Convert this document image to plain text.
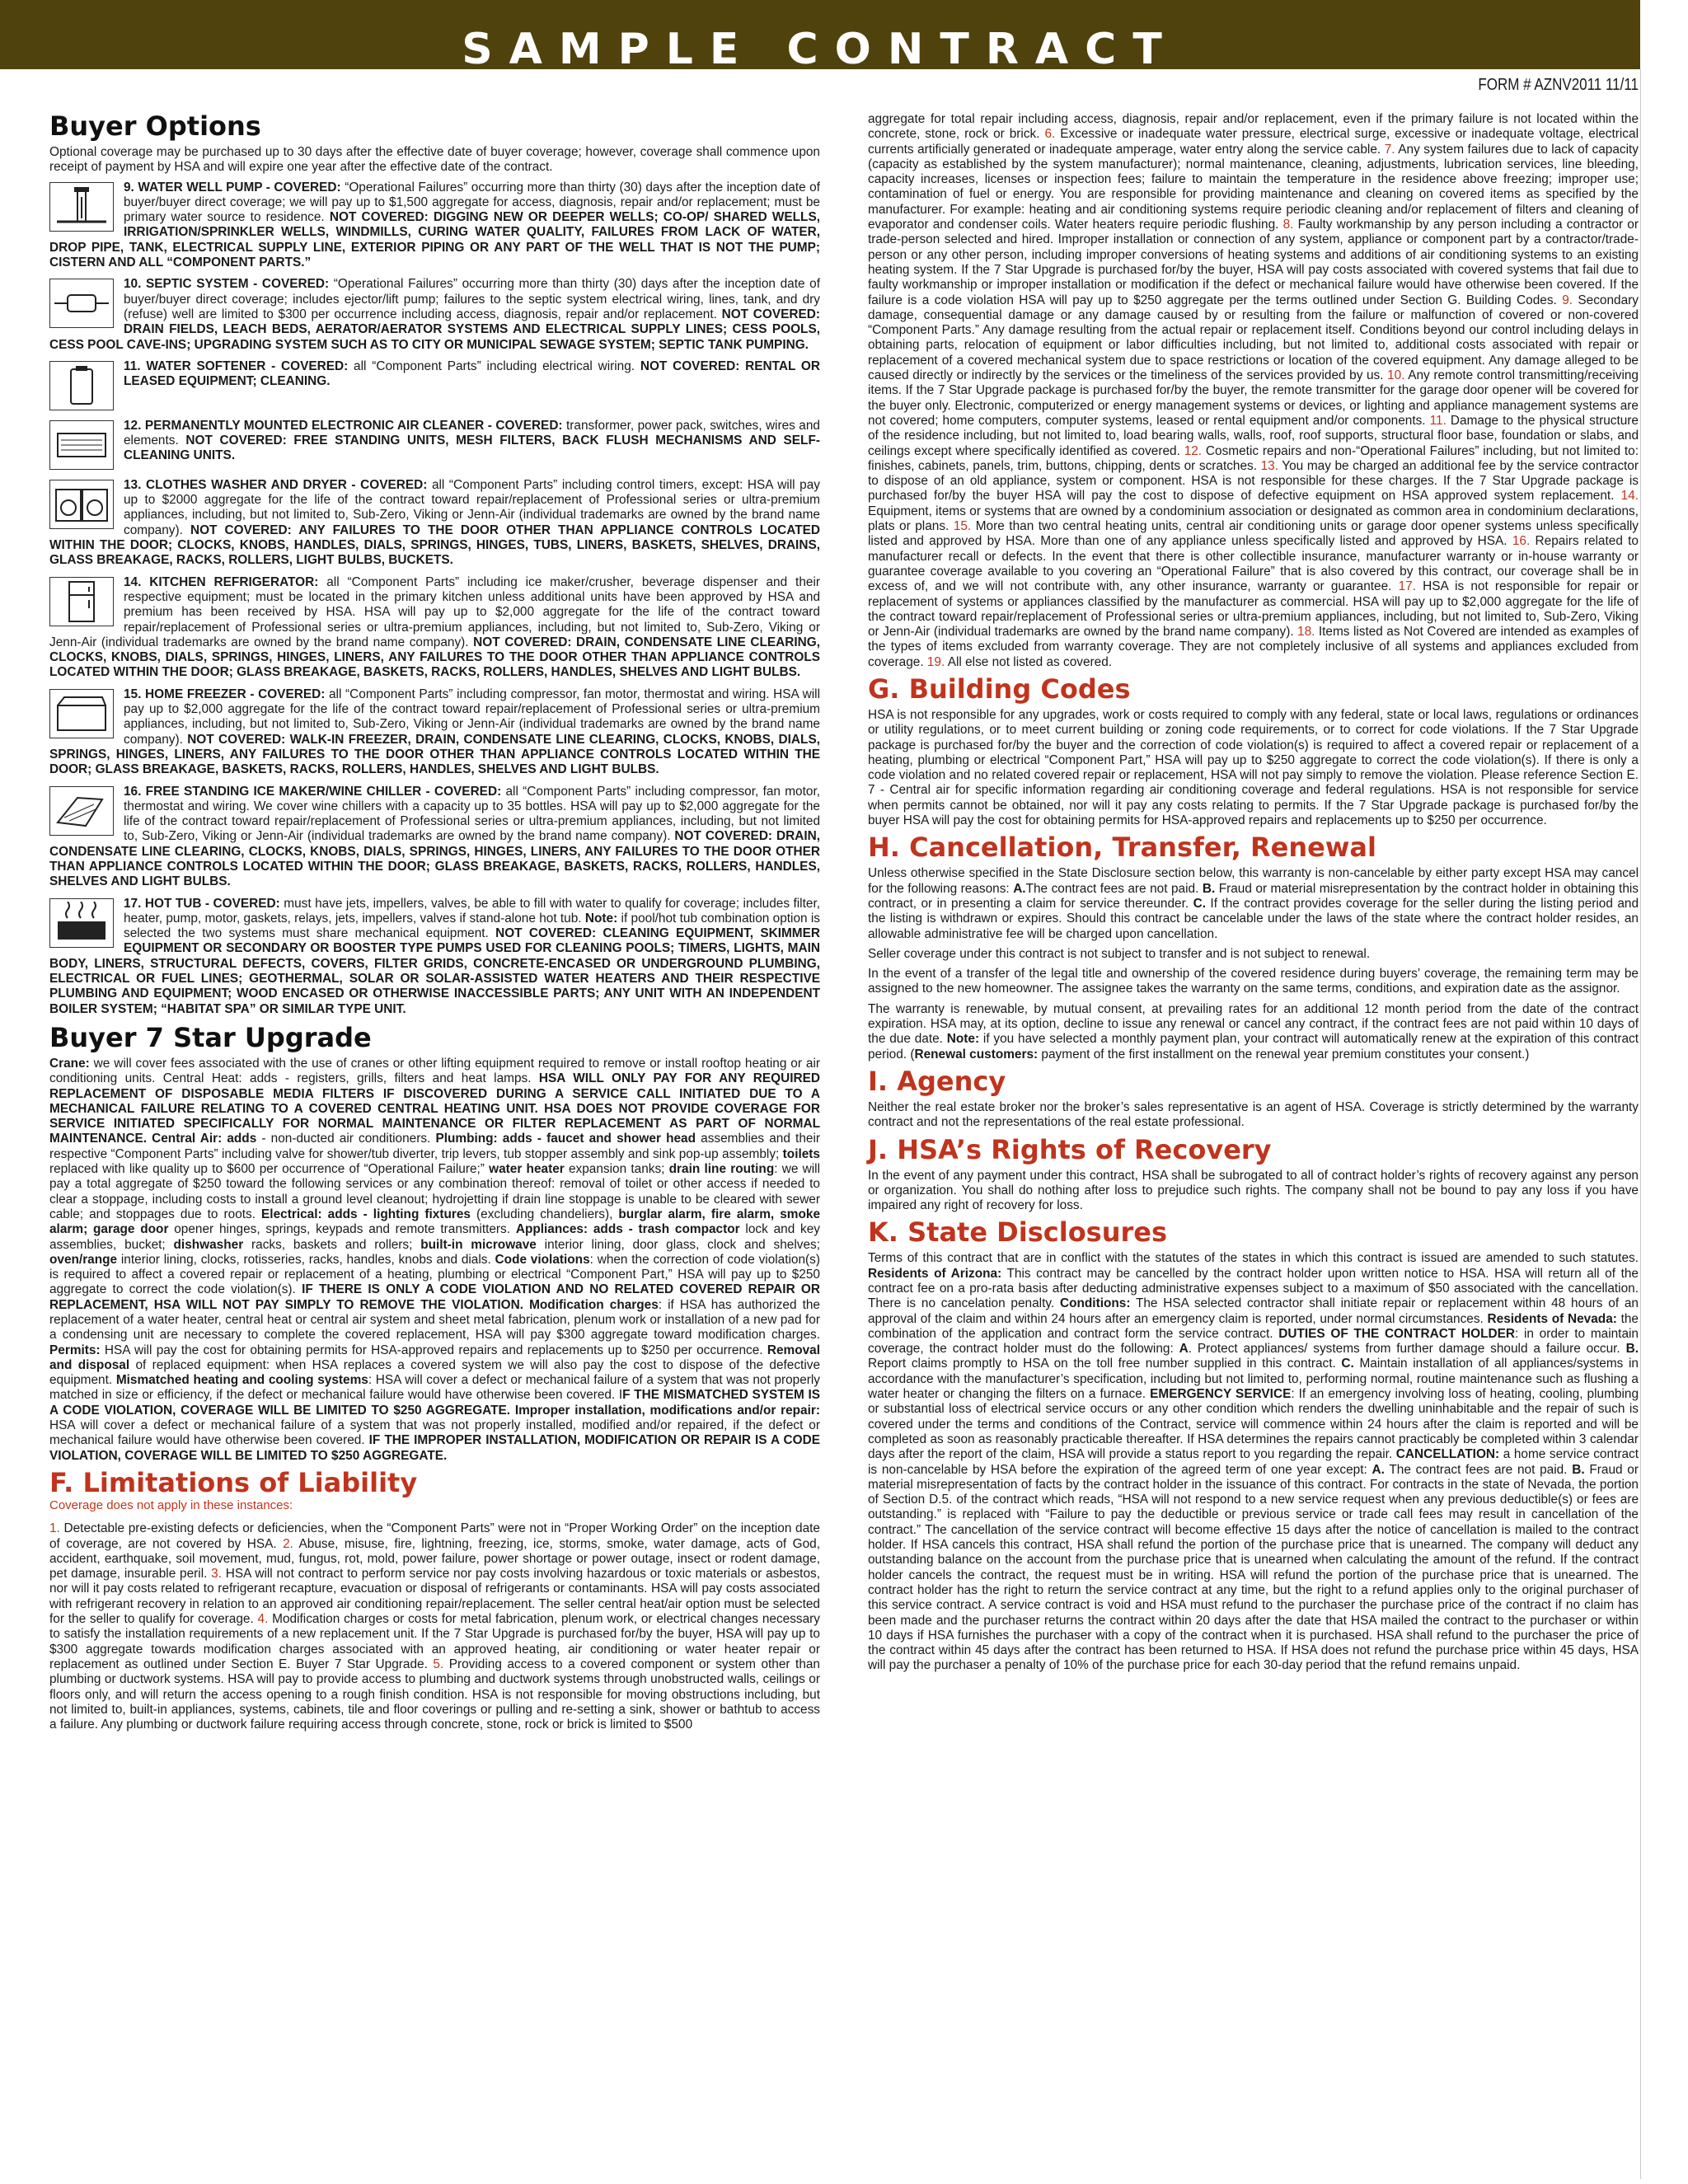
SAMPLE CONTRACT
FORM # AZNV2011 11/11
Buyer Options

Optional coverage may be purchased up to 30 days after the effective date of buyer coverage; however, coverage shall commence upon receipt of payment by HSA and will expire one year after the effective date of the contract.

9. WATER WELL PUMP - COVERED: “Operational Failures” occurring more than thirty (30) days after the inception date of buyer/buyer direct coverage; we will pay up to $1,500 aggregate for access, diagnosis, repair and/or replacement; must be primary water source to residence. NOT COVERED: DIGGING NEW OR DEEPER WELLS; CO-OP/ SHARED WELLS, IRRIGATION/SPRINKLER WELLS, WINDMILLS, CURING WATER QUALITY, FAILURES FROM LACK OF WATER, DROP PIPE, TANK, ELECTRICAL SUPPLY LINE, EXTERIOR PIPING OR ANY PART OF THE WELL THAT IS NOT THE PUMP; CISTERN AND ALL “COMPONENT PARTS.”
10. SEPTIC SYSTEM - COVERED: “Operational Failures” occurring more than thirty (30) days after the inception date of buyer/buyer direct coverage; includes ejector/lift pump; failures to the septic system electrical wiring, lines, tank, and dry (refuse) well are limited to $300 per occurrence including access, diagnosis, repair and/or replacement. NOT COVERED: DRAIN FIELDS, LEACH BEDS, AERATOR/AERATOR SYSTEMS AND ELECTRICAL SUPPLY LINES; CESS POOLS, CESS POOL CAVE-INS; UPGRADING SYSTEM SUCH AS TO CITY OR MUNICIPAL SEWAGE SYSTEM; SEPTIC TANK PUMPING.
11. WATER SOFTENER - COVERED: all “Component Parts” including electrical wiring. NOT COVERED: RENTAL OR LEASED EQUIPMENT; CLEANING.
12. PERMANENTLY MOUNTED ELECTRONIC AIR CLEANER - COVERED: transformer, power pack, switches, wires and elements. NOT COVERED: FREE STANDING UNITS, MESH FILTERS, BACK FLUSH MECHANISMS AND SELF-CLEANING UNITS.
13. CLOTHES WASHER AND DRYER - COVERED: all “Component Parts” including control timers, except: HSA will pay up to $2000 aggregate for the life of the contract toward repair/replacement of Professional series or ultra-premium appliances, including, but not limited to, Sub-Zero, Viking or Jenn-Air (individual trademarks are owned by the brand name company). NOT COVERED: ANY FAILURES TO THE DOOR OTHER THAN APPLIANCE CONTROLS LOCATED WITHIN THE DOOR; CLOCKS, KNOBS, HANDLES, DIALS, SPRINGS, HINGES, TUBS, LINERS, BASKETS, SHELVES, DRAINS, GLASS BREAKAGE, RACKS, ROLLERS, LIGHT BULBS, BUCKETS.
14. KITCHEN REFRIGERATOR: all “Component Parts” including ice maker/crusher, beverage dispenser and their respective equipment; must be located in the primary kitchen unless additional units have been approved by HSA and premium has been received by HSA. HSA will pay up to $2,000 aggregate for the life of the contract toward repair/replacement of Professional series or ultra-premium appliances, including, but not limited to, Sub-Zero, Viking or Jenn-Air (individual trademarks are owned by the brand name company). NOT COVERED: DRAIN, CONDENSATE LINE CLEARING, CLOCKS, KNOBS, DIALS, SPRINGS, HINGES, LINERS, ANY FAILURES TO THE DOOR OTHER THAN APPLIANCE CONTROLS LOCATED WITHIN THE DOOR; GLASS BREAKAGE, BASKETS, RACKS, ROLLERS, HANDLES, SHELVES AND LIGHT BULBS.
15. HOME FREEZER - COVERED: all “Component Parts” including compressor, fan motor, thermostat and wiring. HSA will pay up to $2,000 aggregate for the life of the contract toward repair/replacement of Professional series or ultra-premium appliances, including, but not limited to, Sub-Zero, Viking or Jenn-Air (individual trademarks are owned by the brand name company). NOT COVERED: WALK-IN FREEZER, DRAIN, CONDENSATE LINE CLEARING, CLOCKS, KNOBS, DIALS, SPRINGS, HINGES, LINERS, ANY FAILURES TO THE DOOR OTHER THAN APPLIANCE CONTROLS LOCATED WITHIN THE DOOR; GLASS BREAKAGE, BASKETS, RACKS, ROLLERS, HANDLES, SHELVES AND LIGHT BULBS.
16. FREE STANDING ICE MAKER/WINE CHILLER - COVERED: all “Component Parts” including compressor, fan motor, thermostat and wiring. We cover wine chillers with a capacity up to 35 bottles. HSA will pay up to $2,000 aggregate for the life of the contract toward repair/replacement of Professional series or ultra-premium appliances, including, but not limited to, Sub-Zero, Viking or Jenn-Air (individual trademarks are owned by the brand name company). NOT COVERED: DRAIN, CONDENSATE LINE CLEARING, CLOCKS, KNOBS, DIALS, SPRINGS, HINGES, LINERS, ANY FAILURES TO THE DOOR OTHER THAN APPLIANCE CONTROLS LOCATED WITHIN THE DOOR; GLASS BREAKAGE, BASKETS, RACKS, ROLLERS, HANDLES, SHELVES AND LIGHT BULBS.
17. HOT TUB - COVERED: must have jets, impellers, valves, be able to fill with water to qualify for coverage; includes filter, heater, pump, motor, gaskets, relays, jets, impellers, valves if stand-alone hot tub. Note: if pool/hot tub combination option is selected the two systems must share mechanical equipment. NOT COVERED: CLEANING EQUIPMENT, SKIMMER EQUIPMENT OR SECONDARY OR BOOSTER TYPE PUMPS USED FOR CLEANING POOLS; TIMERS, LIGHTS, MAIN BODY, LINERS, STRUCTURAL DEFECTS, COVERS, FILTER GRIDS, CONCRETE-ENCASED OR UNDERGROUND PLUMBING, ELECTRICAL OR FUEL LINES; GEOTHERMAL, SOLAR OR SOLAR-ASSISTED WATER HEATERS AND THEIR RESPECTIVE PLUMBING AND EQUIPMENT; WOOD ENCASED OR OTHERWISE INACCESSIBLE PARTS; ANY UNIT WITH AN INDEPENDENT BOILER SYSTEM; “HABITAT SPA” OR SIMILAR TYPE UNIT.
Buyer 7 Star Upgrade

Crane: we will cover fees associated with the use of cranes or other lifting equipment required to remove or install rooftop heating or air conditioning units. Central Heat: adds - registers, grills, filters and heat lamps. HSA WILL ONLY PAY FOR ANY REQUIRED REPLACEMENT OF DISPOSABLE MEDIA FILTERS IF DISCOVERED DURING A SERVICE CALL INITIATED DUE TO A MECHANICAL FAILURE RELATING TO A COVERED CENTRAL HEATING UNIT. HSA DOES NOT PROVIDE COVERAGE FOR SERVICE INITIATED SPECIFICALLY FOR NORMAL MAINTENANCE OR FILTER REPLACEMENT AS PART OF NORMAL MAINTENANCE. Central Air: adds - non-ducted air conditioners. Plumbing: adds - faucet and shower head assemblies and their respective “Component Parts” including valve for shower/tub diverter, trip levers, tub stopper assembly and sink pop-up assembly; toilets replaced with like quality up to $600 per occurrence of “Operational Failure;” water heater expansion tanks; drain line routing: we will pay a total aggregate of $250 toward the following services or any combination thereof: removal of toilet or other access if needed to clear a stoppage, including costs to install a ground level cleanout; hydrojetting if drain line stoppage is unable to be cleared with sewer cable; and stoppages due to roots. Electrical: adds - lighting fixtures (excluding chandeliers), burglar alarm, fire alarm, smoke alarm; garage door opener hinges, springs, keypads and remote transmitters. Appliances: adds - trash compactor lock and key assemblies, bucket; dishwasher racks, baskets and rollers; built-in microwave interior lining, door glass, clock and shelves; oven/range interior lining, clocks, rotisseries, racks, handles, knobs and dials. Code violations: when the correction of code violation(s) is required to affect a covered repair or replacement of a heating, plumbing or electrical “Component Part,” HSA will pay up to $250 aggregate to correct the code violation(s). IF THERE IS ONLY A CODE VIOLATION AND NO RELATED COVERED REPAIR OR REPLACEMENT, HSA WILL NOT PAY SIMPLY TO REMOVE THE VIOLATION. Modification charges: if HSA has authorized the replacement of a water heater, central heat or central air system and sheet metal fabrication, plenum work or installation of a new pad for a condensing unit are necessary to complete the covered replacement, HSA will pay $300 aggregate toward modification charges. Permits: HSA will pay the cost for obtaining permits for HSA-approved repairs and replacements up to $250 per occurrence. Removal and disposal of replaced equipment: when HSA replaces a covered system we will also pay the cost to dispose of the defective equipment. Mismatched heating and cooling systems: HSA will cover a defect or mechanical failure of a system that was not properly matched in size or efficiency, if the defect or mechanical failure would have otherwise been covered. IF THE MISMATCHED SYSTEM IS A CODE VIOLATION, COVERAGE WILL BE LIMITED TO $250 AGGREGATE. Improper installation, modifications and/or repair: HSA will cover a defect or mechanical failure of a system that was not properly installed, modified and/or repaired, if the defect or mechanical failure would have otherwise been covered. IF THE IMPROPER INSTALLATION, MODIFICATION OR REPAIR IS A CODE VIOLATION, COVERAGE WILL BE LIMITED TO $250 AGGREGATE.

F. Limitations of Liability
Coverage does not apply in these instances:

1. Detectable pre-existing defects or deficiencies, when the “Component Parts” were not in “Proper Working Order” on the inception date of coverage, are not covered by HSA. 2. Abuse, misuse, fire, lightning, freezing, ice, storms, smoke, water damage, acts of God, accident, earthquake, soil movement, mud, fungus, rot, mold, power failure, power shortage or power outage, insect or rodent damage, pet damage, insurable peril. 3. HSA will not contract to perform service nor pay costs involving hazardous or toxic materials or asbestos, nor will it pay costs related to refrigerant recapture, evacuation or disposal of refrigerants or contaminants. HSA will pay costs associated with refrigerant recovery in relation to an approved air conditioning repair/replacement. The seller central heat/air option must be selected for the seller to qualify for coverage. 4. Modification charges or costs for metal fabrication, plenum work, or electrical changes necessary to satisfy the installation requirements of a new replacement unit. If the 7 Star Upgrade is purchased for/by the buyer, HSA will pay up to $300 aggregate towards modification charges associated with an approved heating, air conditioning or water heater repair or replacement as outlined under Section E. Buyer 7 Star Upgrade. 5. Providing access to a covered component or system other than plumbing or ductwork systems. HSA will pay to provide access to plumbing and ductwork systems through unobstructed walls, ceilings or floors only, and will return the access opening to a rough finish condition. HSA is not responsible for moving obstructions including, but not limited to, built-in appliances, systems, cabinets, tile and floor coverings or pulling and re-setting a sink, shower or bathtub to access a failure. Any plumbing or ductwork failure requiring access through concrete, stone, rock or brick is limited to $500

aggregate for total repair including access, diagnosis, repair and/or replacement, even if the primary failure is not located within the concrete, stone, rock or brick. 6. Excessive or inadequate water pressure, electrical surge, excessive or inadequate voltage, electrical currents artificially generated or inadequate amperage, water entry along the service cable. 7. Any system failures due to lack of capacity (capacity as established by the system manufacturer); normal maintenance, cleaning, adjustments, lubrication services, line bleeding, capacity increases, licenses or inspection fees; failure to maintain the temperature in the residence above freezing; improper use; contamination of fuel or energy. You are responsible for providing maintenance and cleaning on covered items as specified by the manufacturer. For example: heating and air conditioning systems require periodic cleaning and/or replacement of filters and cleaning of evaporator and condenser coils. Water heaters require periodic flushing. 8. Faulty workmanship by any person including a contractor or trade-person selected and hired. Improper installation or connection of any system, appliance or component part by a contractor/trade-person or any other person, including improper conversions of heating systems and additions of air conditioning systems to an existing heating system. If the 7 Star Upgrade is purchased for/by the buyer, HSA will pay costs associated with covered systems that fail due to faulty workmanship or improper installation or modification if the defect or mechanical failure would have otherwise been covered. If the failure is a code violation HSA will pay up to $250 aggregate per the terms outlined under Section G. Building Codes. 9. Secondary damage, consequential damage or any damage caused by or resulting from the failure or malfunction of covered or non-covered “Component Parts.” Any damage resulting from the actual repair or replacement itself. Conditions beyond our control including delays in obtaining parts, relocation of equipment or labor difficulties including, but not limited to, additional costs associated with repair or replacement of a covered mechanical system due to space restrictions or location of the covered equipment. Any damage alleged to be caused directly or indirectly by the services or the timeliness of the services provided by us. 10. Any remote control transmitting/receiving items. If the 7 Star Upgrade package is purchased for/by the buyer, the remote transmitter for the garage door opener will be covered for the buyer only. Electronic, computerized or energy management systems or devices, or lighting and appliance management systems are not covered; home computers, computer systems, leased or rental equipment and/or components. 11. Damage to the physical structure of the residence including, but not limited to, load bearing walls, walls, roof, roof supports, structural floor base, foundation or slabs, and ceilings except where specifically identified as covered. 12. Cosmetic repairs and non-“Operational Failures” including, but not limited to: finishes, cabinets, panels, trim, buttons, chipping, dents or scratches. 13. You may be charged an additional fee by the service contractor to dispose of an old appliance, system or component. HSA is not responsible for these charges. If the 7 Star Upgrade package is purchased for/by the buyer HSA will pay the cost to dispose of defective equipment on HSA approved system replacement. 14. Equipment, items or systems that are owned by a condominium association or designated as common area in condominium declarations, plats or plans. 15. More than two central heating units, central air conditioning units or garage door opener systems unless specifically listed and approved by HSA. More than one of any appliance unless specifically listed and approved by HSA. 16. Repairs related to manufacturer recall or defects. In the event that there is other collectible insurance, manufacturer warranty or in-house warranty or guarantee coverage available to you covering an “Operational Failure” that is also covered by this contract, our coverage shall be in excess of, and we will not contribute with, any other insurance, warranty or guarantee. 17. HSA is not responsible for repair or replacement of systems or appliances classified by the manufacturer as commercial. HSA will pay up to $2,000 aggregate for the life of the contract toward repair/replacement of Professional series or ultra-premium appliances, including, but not limited to, Sub-Zero, Viking or Jenn-Air (individual trademarks are owned by the brand name company). 18. Items listed as Not Covered are intended as examples of the types of items excluded from warranty coverage. They are not completely inclusive of all systems and appliances excluded from coverage. 19. All else not listed as covered.

G. Building Codes

HSA is not responsible for any upgrades, work or costs required to comply with any federal, state or local laws, regulations or ordinances or utility regulations, or to meet current building or zoning code requirements, or to correct for code violations. If the 7 Star Upgrade package is purchased for/by the buyer and the correction of code violation(s) is required to affect a covered repair or replacement of a heating, plumbing or electrical “Component Part,” HSA will pay up to $250 aggregate to correct the code violation(s). If there is only a code violation and no related covered repair or replacement, HSA will not pay simply to remove the violation. Please reference Section E. 7 - Central air for specific information regarding air conditioning coverage and federal regulations. HSA is not responsible for service when permits cannot be obtained, nor will it pay any costs relating to permits. If the 7 Star Upgrade package is purchased for/by the buyer HSA will pay the cost for obtaining permits for HSA-approved repairs and replacements up to $250 per occurrence.

H. Cancellation, Transfer, Renewal

Unless otherwise specified in the State Disclosure section below, this warranty is non-cancelable by either party except HSA may cancel for the following reasons: A.The contract fees are not paid. B. Fraud or material misrepresentation by the contract holder in obtaining this contract, or in presenting a claim for service thereunder. C. If the contract provides coverage for the seller during the listing period and the listing is withdrawn or expires. Should this contract be cancelable under the laws of the state where the contract holder resides, an allowable administrative fee will be charged upon cancellation.

Seller coverage under this contract is not subject to transfer and is not subject to renewal.

In the event of a transfer of the legal title and ownership of the covered residence during buyers’ coverage, the remaining term may be assigned to the new homeowner. The assignee takes the warranty on the same terms, conditions, and expiration date as the assignor.

The warranty is renewable, by mutual consent, at prevailing rates for an additional 12 month period from the date of the contract expiration. HSA may, at its option, decline to issue any renewal or cancel any contract, if the contract fees are not paid within 10 days of the due date. Note: if you have selected a monthly payment plan, your contract will automatically renew at the expiration of this contract period. (Renewal customers: payment of the first installment on the renewal year premium constitutes your consent.)

I. Agency

Neither the real estate broker nor the broker’s sales representative is an agent of HSA. Coverage is strictly determined by the warranty contract and not the representations of the real estate professional.

J. HSA’s Rights of Recovery

In the event of any payment under this contract, HSA shall be subrogated to all of contract holder’s rights of recovery against any person or organization. You shall do nothing after loss to prejudice such rights. The company shall not be bound to pay any loss if you have impaired any right of recovery for loss.

K. State Disclosures

Terms of this contract that are in conflict with the statutes of the states in which this contract is issued are amended to such statutes. Residents of Arizona: This contract may be cancelled by the contract holder upon written notice to HSA. HSA will return all of the contract fee on a pro-rata basis after deducting administrative expenses subject to a maximum of $50 associated with the cancellation. There is no cancelation penalty. Conditions: The HSA selected contractor shall initiate repair or replacement within 48 hours of an approval of the claim and within 24 hours after an emergency claim is reported, under normal circumstances. Residents of Nevada: the combination of the application and contract form the service contract. DUTIES OF THE CONTRACT HOLDER: in order to maintain coverage, the contract holder must do the following: A. Protect appliances/ systems from further damage should a failure occur. B. Report claims promptly to HSA on the toll free number supplied in this contract. C. Maintain installation of all appliances/systems in accordance with the manufacturer’s specification, including but not limited to, performing normal, routine maintenance such as flushing a water heater or changing the filters on a furnace. EMERGENCY SERVICE: If an emergency involving loss of heating, cooling, plumbing or substantial loss of electrical service occurs or any other condition which renders the dwelling uninhabitable and the repair of such is covered under the terms and conditions of the Contract, service will commence within 24 hours after the claim is reported and will be completed as soon as reasonably practicable thereafter. If HSA determines the repairs cannot practicably be completed within 3 calendar days after the report of the claim, HSA will provide a status report to you regarding the repair. CANCELLATION: a home service contract is non-cancelable by HSA before the expiration of the agreed term of one year except: A. The contract fees are not paid. B. Fraud or material misrepresentation of facts by the contract holder in the issuance of this contract. For contracts in the state of Nevada, the portion of Section D.5. of the contract which reads, “HSA will not respond to a new service request when any previous deductible(s) or fees are outstanding.” is replaced with “Failure to pay the deductible or previous service or trade call fees may result in cancellation of the contract.” The cancellation of the service contract will become effective 15 days after the notice of cancellation is mailed to the contract holder. If HSA cancels this contract, HSA shall refund the portion of the purchase price that is unearned. The company will deduct any outstanding balance on the account from the purchase price that is unearned when calculating the amount of the refund. If the contract holder cancels the contract, the request must be in writing. HSA will refund the portion of the purchase price that is unearned. The contract holder has the right to return the service contract at any time, but the right to a refund applies only to the original purchaser of this service contract. A service contract is void and HSA must refund to the purchaser the purchase price of the contract if no claim has been made and the purchaser returns the contract within 20 days after the date that HSA mailed the contract to the purchaser or within 10 days if HSA furnishes the purchaser with a copy of the contract when it is purchased. HSA shall refund to the purchaser the price of the contract within 45 days after the contract has been returned to HSA. If HSA does not refund the purchase price within 45 days, HSA will pay the purchaser a penalty of 10% of the purchase price for each 30-day period that the refund remains unpaid.
